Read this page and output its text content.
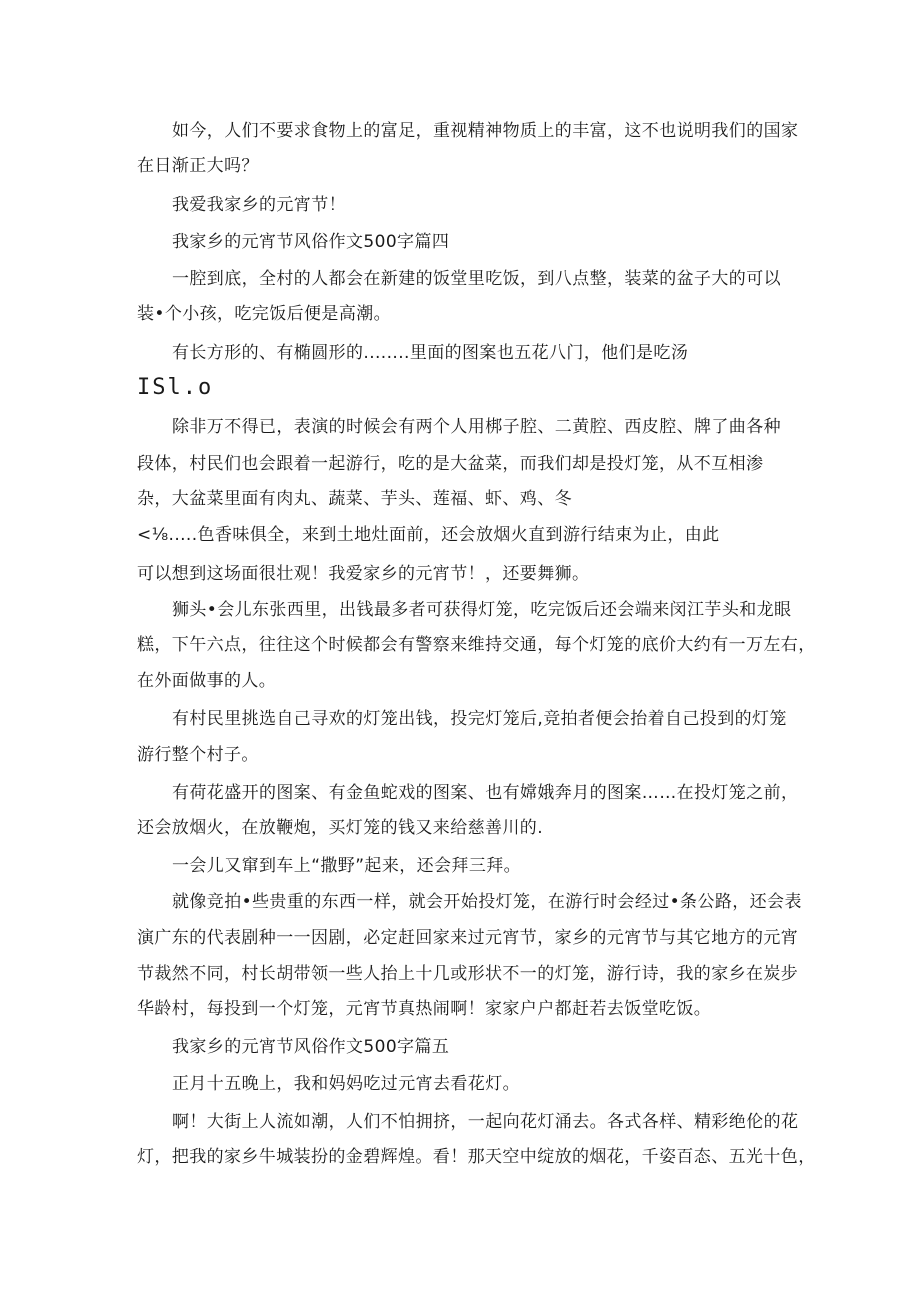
如今，人们不要求食物上的富足，重视精神物质上的丰富，这不也说明我们的国家
在日渐正大吗？
我爱我家乡的元宵节！
我家乡的元宵节风俗作文500字篇四
一腔到底，全村的人都会在新建的饭堂里吃饭，到八点整，装菜的盆子大的可以
装•个小孩，吃完饭后便是高潮。
有长方形的、有椭圆形的........里面的图案也五花八门，他们是吃汤
ISl.o
除非万不得已，表演的时候会有两个人用梆子腔、二黄腔、西皮腔、牌了曲各种
段体，村民们也会跟着一起游行，吃的是大盆菜，而我们却是投灯笼，从不互相渗
杂，大盆菜里面有肉丸、蔬菜、芋头、莲福、虾、鸡、冬
<⅛.....色香味俱全，来到土地灶面前，还会放烟火直到游行结束为止，由此
可以想到这场面很壮观！我爱家乡的元宵节！，还要舞狮。
狮头•会儿东张西里，出钱最多者可获得灯笼，吃完饭后还会端来闵江芋头和龙眼
糕，下午六点，往往这个时候都会有警察来维持交通，每个灯笼的底价大约有一万左右，
在外面做事的人。
有村民里挑选自己寻欢的灯笼出钱，投完灯笼后,竞拍者便会抬着自己投到的灯笼
游行整个村子。
有荷花盛开的图案、有金鱼蛇戏的图案、也有嫦娥奔月的图案……在投灯笼之前，
还会放烟火，在放鞭炮，买灯笼的钱又来给慈善川的.
一会儿又窜到车上“撒野”起来，还会拜三拜。
就像竞拍•些贵重的东西一样，就会开始投灯笼，在游行时会经过•条公路，还会表
演广东的代表剧种一一因剧，必定赶回家来过元宵节，家乡的元宵节与其它地方的元宵
节裁然不同，村长胡带领一些人抬上十几或形状不一的灯笼，游行诗，我的家乡在炭步
华龄村，每投到一个灯笼，元宵节真热闹啊！家家户户都赶若去饭堂吃饭。
我家乡的元宵节风俗作文500字篇五
正月十五晚上，我和妈妈吃过元宵去看花灯。
啊！大街上人流如潮，人们不怕拥挤，一起向花灯涌去。各式各样、精彩绝伦的花
灯，把我的家乡牛城装扮的金碧辉煌。看！那天空中绽放的烟花，千姿百态、五光十色，
